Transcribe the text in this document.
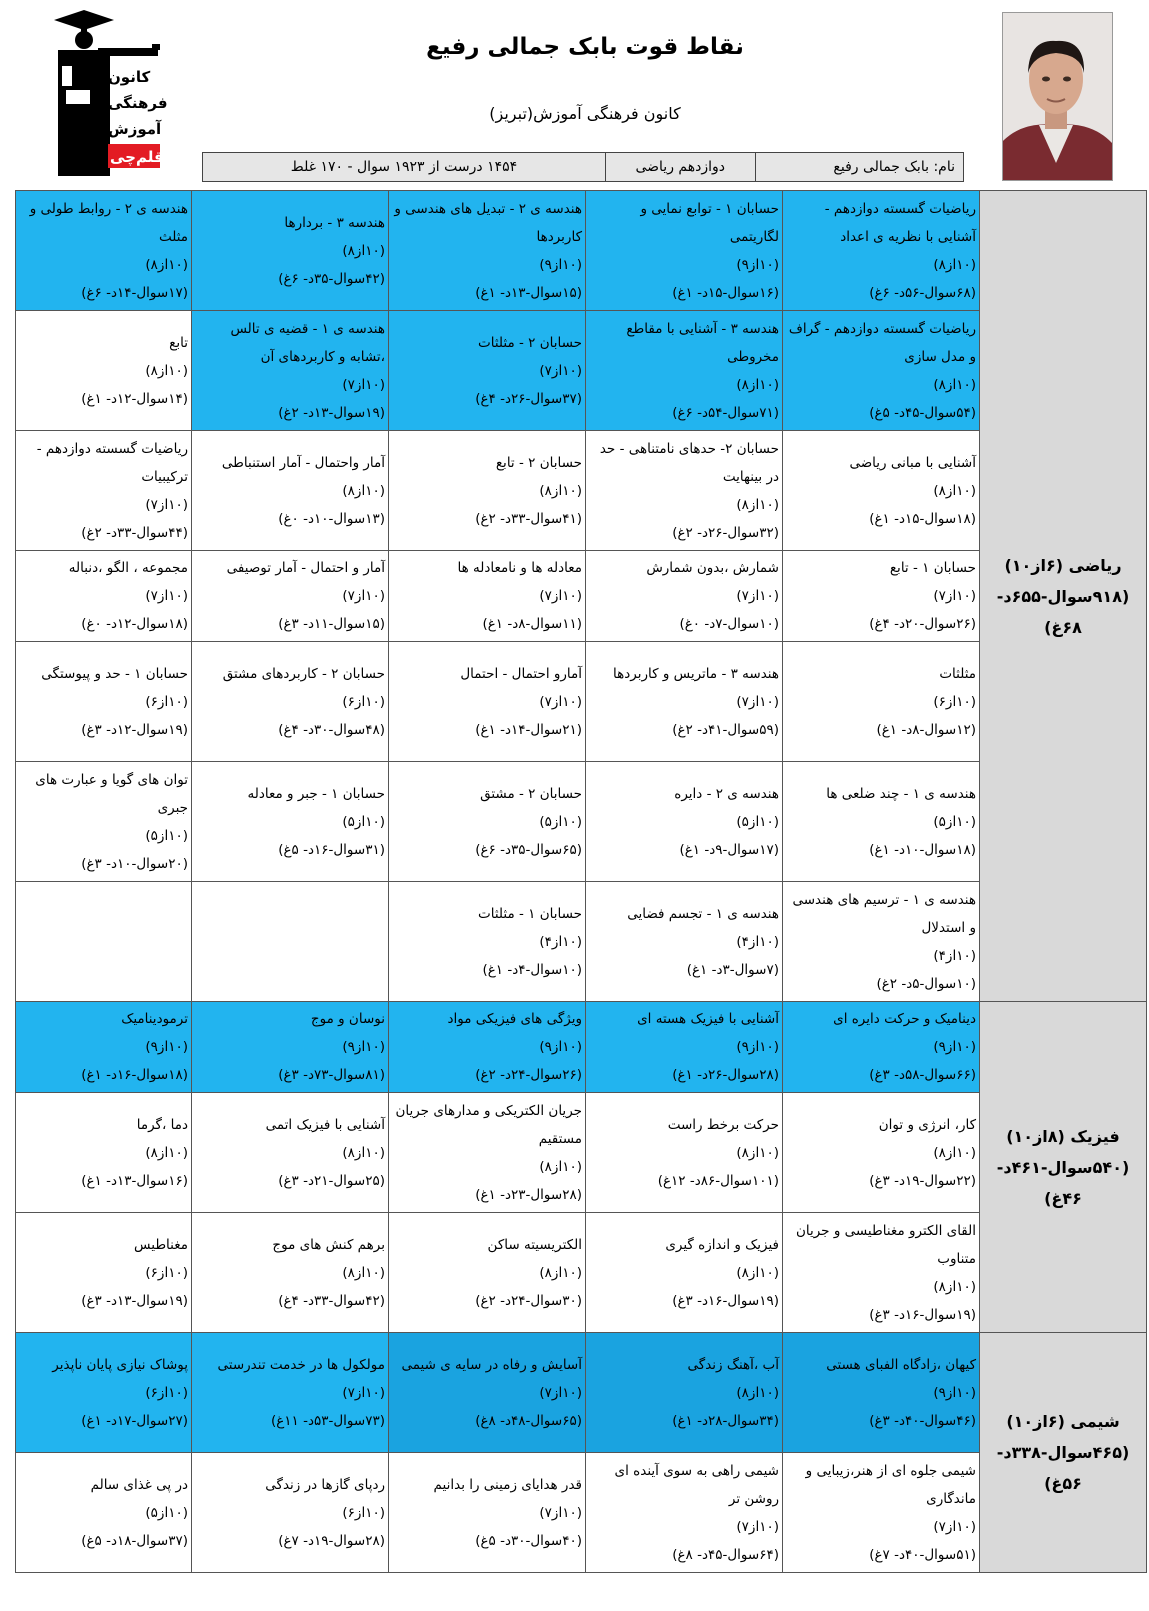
کانون
فرهنگی
آموزش
قلم‌چی
نقاط قوت بابک جمالی رفیع
کانون فرهنگی آموزش(تبریز)
نام: بابک جمالی رفیع
دوازدهم ریاضی
۱۴۵۴ درست از ۱۹۲۳ سوال - ۱۷۰ غلط
ریاضی (۶از۱۰) (۹۱۸سوال-۶۵۵د- ۶۸غ)	ریاضیات گسسته دوازدهم - آشنایی با نظریه ی اعداد
(۱۰از۸)
(۶۸سوال-۵۶د- ۶غ)	حسابان ۱ - توابع نمایی و لگاریتمی
(۱۰از۹)
(۱۶سوال-۱۵د- ۱غ)	هندسه ی ۲ - تبدیل های هندسی و کاربردها
(۱۰از۹)
(۱۵سوال-۱۳د- ۱غ)	هندسه ۳ - بردارها
(۱۰از۸)
(۴۲سوال-۳۵د- ۶غ)	هندسه ی ۲ - روابط طولی و مثلث
(۱۰از۸)
(۱۷سوال-۱۴د- ۶غ)

	ریاضیات گسسته دوازدهم - گراف و مدل سازی
(۱۰از۸)
(۵۴سوال-۴۵د- ۵غ)	هندسه ۳ - آشنایی با مقاطع مخروطی
(۱۰از۸)
(۷۱سوال-۵۴د- ۶غ)	حسابان ۲ - مثلثات
(۱۰از۷)
(۳۷سوال-۲۶د- ۴غ)	هندسه ی ۱ - قضیه ی تالس ،تشابه و کاربردهای آن
(۱۰از۷)
(۱۹سوال-۱۳د- ۲غ)	تابع
(۱۰از۸)
(۱۴سوال-۱۲د- ۱غ)

	آشنایی با مبانی ریاضی
(۱۰از۸)
(۱۸سوال-۱۵د- ۱غ)	حسابان ۲- حدهای نامتناهی - حد در بینهایت
(۱۰از۸)
(۳۲سوال-۲۶د- ۲غ)	حسابان ۲ - تابع
(۱۰از۸)
(۴۱سوال-۳۳د- ۲غ)	آمار واحتمال - آمار استنباطی
(۱۰از۸)
(۱۳سوال-۱۰د- ۰غ)	ریاضیات گسسته دوازدهم - ترکیبیات
(۱۰از۷)
(۴۴سوال-۳۳د- ۲غ)

	حسابان ۱ - تابع
(۱۰از۷)
(۲۶سوال-۲۰د- ۴غ)	شمارش ،بدون شمارش
(۱۰از۷)
(۱۰سوال-۷د- ۰غ)	معادله ها و نامعادله ها
(۱۰از۷)
(۱۱سوال-۸د- ۱غ)	آمار و احتمال - آمار توصیفی
(۱۰از۷)
(۱۵سوال-۱۱د- ۳غ)	مجموعه ، الگو ،دنباله
(۱۰از۷)
(۱۸سوال-۱۲د- ۰غ)

	مثلثات
(۱۰از۶)
(۱۲سوال-۸د- ۱غ)	هندسه ۳ - ماتریس و کاربردها
(۱۰از۷)
(۵۹سوال-۴۱د- ۲غ)	آمارو احتمال - احتمال
(۱۰از۷)
(۲۱سوال-۱۴د- ۱غ)	حسابان ۲ - کاربردهای مشتق
(۱۰از۶)
(۴۸سوال-۳۰د- ۴غ)	حسابان ۱ - حد و پیوستگی
(۱۰از۶)
(۱۹سوال-۱۲د- ۳غ)

	هندسه ی ۱ - چند ضلعی ها
(۱۰از۵)
(۱۸سوال-۱۰د- ۱غ)	هندسه ی ۲ - دایره
(۱۰از۵)
(۱۷سوال-۹د- ۱غ)	حسابان ۲ - مشتق
(۱۰از۵)
(۶۵سوال-۳۵د- ۶غ)	حسابان ۱ - جبر و معادله
(۱۰از۵)
(۳۱سوال-۱۶د- ۵غ)	توان های گویا و عبارت های جبری
(۱۰از۵)
(۲۰سوال-۱۰د- ۳غ)

	هندسه ی ۱ - ترسیم های هندسی و استدلال
(۱۰از۴)
(۱۰سوال-۵د- ۲غ)	هندسه ی ۱ - تجسم فضایی
(۱۰از۴)
(۷سوال-۳د- ۱غ)	حسابان ۱ - مثلثات
(۱۰از۴)
(۱۰سوال-۴د- ۱غ)		

فیزیک (۸از۱۰) (۵۴۰سوال-۴۶۱د- ۴۶غ)	دینامیک و حرکت دایره ای
(۱۰از۹)
(۶۶سوال-۵۸د- ۳غ)	آشنایی با فیزیک هسته ای
(۱۰از۹)
(۲۸سوال-۲۶د- ۱غ)	ویژگی های فیزیکی مواد
(۱۰از۹)
(۲۶سوال-۲۴د- ۲غ)	نوسان و موج
(۱۰از۹)
(۸۱سوال-۷۳د- ۳غ)	ترمودینامیک
(۱۰از۹)
(۱۸سوال-۱۶د- ۱غ)

	کار، انرژی و توان
(۱۰از۸)
(۲۲سوال-۱۹د- ۳غ)	حرکت برخط راست
(۱۰از۸)
(۱۰۱سوال-۸۶د- ۱۲غ)	جریان الکتریکی و مدارهای جریان مستقیم
(۱۰از۸)
(۲۸سوال-۲۳د- ۱غ)	آشنایی با فیزیک اتمی
(۱۰از۸)
(۲۵سوال-۲۱د- ۳غ)	دما ،گرما
(۱۰از۸)
(۱۶سوال-۱۳د- ۱غ)

	القای الکترو مغناطیسی و جریان متناوب
(۱۰از۸)
(۱۹سوال-۱۶د- ۳غ)	فیزیک و اندازه گیری
(۱۰از۸)
(۱۹سوال-۱۶د- ۳غ)	الکتریسیته ساکن
(۱۰از۸)
(۳۰سوال-۲۴د- ۲غ)	برهم کنش های موج
(۱۰از۸)
(۴۲سوال-۳۳د- ۴غ)	مغناطیس
(۱۰از۶)
(۱۹سوال-۱۳د- ۳غ)

شیمی (۶از۱۰) (۴۶۵سوال-۳۳۸د- ۵۶غ)	کیهان ،زادگاه الفبای هستی
(۱۰از۹)
(۴۶سوال-۴۰د- ۳غ)	آب ،آهنگ زندگی
(۱۰از۸)
(۳۴سوال-۲۸د- ۱غ)	آسایش و رفاه در سایه ی شیمی
(۱۰از۷)
(۶۵سوال-۴۸د- ۸غ)	مولکول ها در خدمت تندرستی
(۱۰از۷)
(۷۳سوال-۵۳د- ۱۱غ)	پوشاک نیازی پایان ناپذیر
(۱۰از۶)
(۲۷سوال-۱۷د- ۱غ)

	شیمی جلوه ای از هنر،زیبایی و ماندگاری
(۱۰از۷)
(۵۱سوال-۴۰د- ۷غ)	شیمی راهی به سوی آینده ای روشن تر
(۱۰از۷)
(۶۴سوال-۴۵د- ۸غ)	قدر هدایای زمینی را بدانیم
(۱۰از۷)
(۴۰سوال-۳۰د- ۵غ)	ردپای گازها در زندگی
(۱۰از۶)
(۲۸سوال-۱۹د- ۷غ)	در پی غذای سالم
(۱۰از۵)
(۳۷سوال-۱۸د- ۵غ)
